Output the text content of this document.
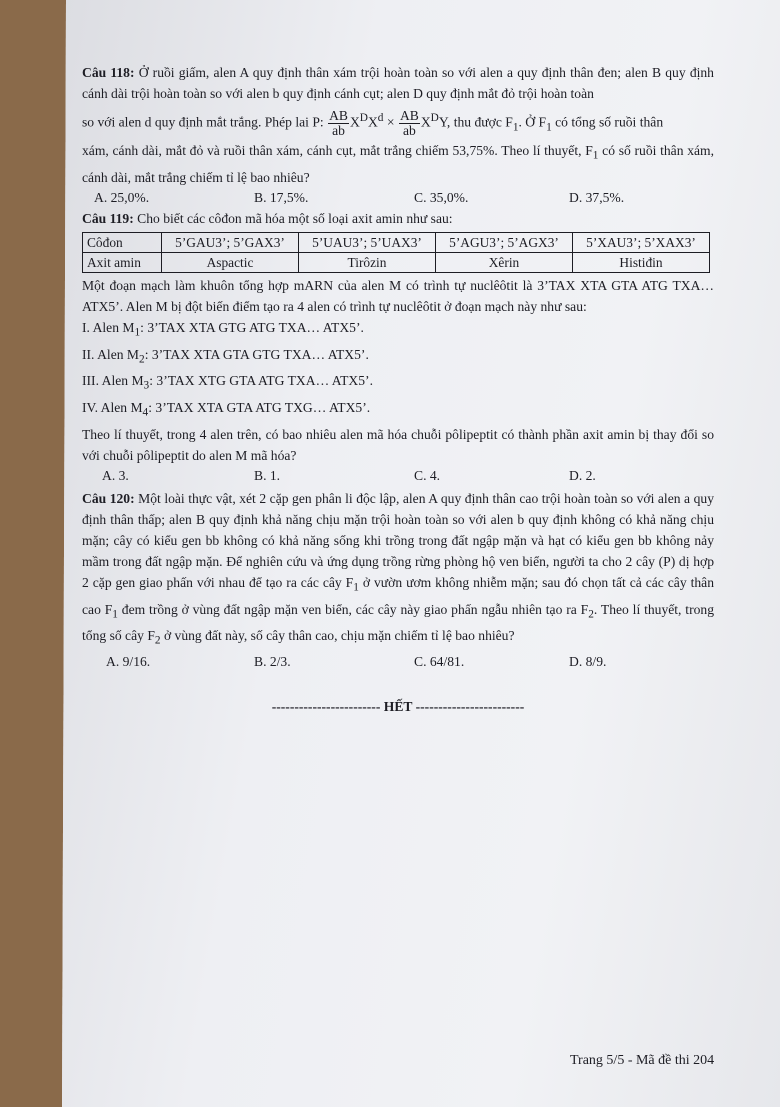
Câu 118: Ở ruồi giấm, alen A quy định thân xám trội hoàn toàn so với alen a quy định thân đen; alen B quy định cánh dài trội hoàn toàn so với alen b quy định cánh cụt; alen D quy định mắt đỏ trội hoàn toàn

so với alen d quy định mắt trắng. Phép lai P: $\frac{AB}{ab} X^DX^d \times \frac{AB}{ab} X^DY$, thu được $F_1$. Ở $F_1$ có tổng số ruồi thân

xám, cánh dài, mắt đỏ và ruồi thân xám, cánh cụt, mắt trắng chiếm 53,75%. Theo lí thuyết, $F_1$ có số ruồi thân xám, cánh dài, mắt trắng chiếm tỉ lệ bao nhiêu?

A. 25,0%.	B. 17,5%.	C. 35,0%.	D. 37,5%.

Câu 119: Cho biết các côđon mã hóa một số loại axit amin như sau:

Côđon	5’GAU3’; 5’GAX3’	5’UAU3’; 5’UAX3’	5’AGU3’; 5’AGX3’	5’XAU3’; 5’XAX3’
Axit amin	Aspactic	Tirôzin	Xêrin	Histiđin

Một đoạn mạch làm khuôn tổng hợp mARN của alen M có trình tự nuclêôtit là 3’TAX XTA GTA ATG TXA… ATX5’. Alen M bị đột biến điểm tạo ra 4 alen có trình tự nuclêôtit ở đoạn mạch này như sau:

I. Alen $M_1$: 3’TAX XTA GTG ATG TXA… ATX5’.

II. Alen $M_2$: 3’TAX XTA GTA GTG TXA… ATX5’.

III. Alen $M_3$: 3’TAX XTG GTA ATG TXA… ATX5’.

IV. Alen $M_4$: 3’TAX XTA GTA ATG TXG… ATX5’.

Theo lí thuyết, trong 4 alen trên, có bao nhiêu alen mã hóa chuỗi pôlipeptit có thành phần axit amin bị thay đổi so với chuỗi pôlipeptit do alen M mã hóa?

A. 3.	B. 1.	C. 4.	D. 2.

Câu 120: Một loài thực vật, xét 2 cặp gen phân li độc lập, alen A quy định thân cao trội hoàn toàn so với alen a quy định thân thấp; alen B quy định khả năng chịu mặn trội hoàn toàn so với alen b quy định không có khả năng chịu mặn; cây có kiểu gen bb không có khả năng sống khi trồng trong đất ngập mặn và hạt có kiểu gen bb không nảy mầm trong đất ngập mặn. Để nghiên cứu và ứng dụng trồng rừng phòng hộ ven biển, người ta cho 2 cây (P) dị hợp 2 cặp gen giao phấn với nhau để tạo ra các cây $F_1$ ở vườn ươm không nhiễm mặn; sau đó chọn tất cả các cây thân cao $F_1$ đem trồng ở vùng đất ngập mặn ven biển, các cây này giao phấn ngẫu nhiên tạo ra $F_2$. Theo lí thuyết, trong tổng số cây $F_2$ ở vùng đất này, số cây thân cao, chịu mặn chiếm tỉ lệ bao nhiêu?

A. 9/16.	B. 2/3.	C. 64/81.	D. 8/9.

------------------------ HẾT ------------------------

Trang 5/5 - Mã đề thi 204
